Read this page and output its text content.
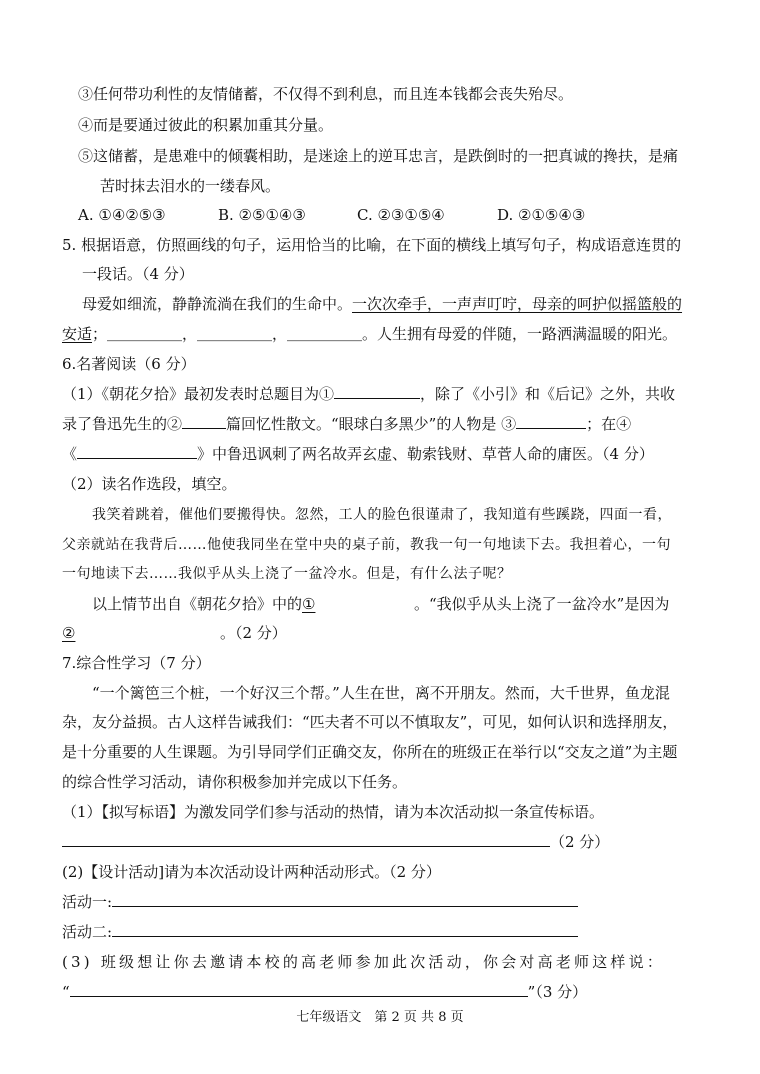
③任何带功利性的友情储蓄，不仅得不到利息，而且连本钱都会丧失殆尽。
④而是要通过彼此的积累加重其分量。
⑤这储蓄，是患难中的倾囊相助，是迷途上的逆耳忠言，是跌倒时的一把真诚的搀扶，是痛
苦时抹去泪水的一缕春风。
A. ①④②⑤③	B. ②⑤①④③	C. ②③①⑤④	D. ②①⑤④③
5. 根据语意，仿照画线的句子，运用恰当的比喻，在下面的横线上填写句子，构成语意连贯的
一段话。（4 分）
母爱如细流，静静流淌在我们的生命中。一次次牵手，一声声叮咛，母亲的呵护似摇篮般的
安适；＿＿＿＿＿，＿＿＿＿＿，＿＿＿＿＿。人生拥有母爱的伴随，一路洒满温暖的阳光。
6.名著阅读（6 分）
（1）《朝花夕拾》最初发表时总题目为①	，除了《小引》和《后记》之外，共收
录了鲁迅先生的②	篇回忆性散文。“眼球白多黑少”的人物是 ③	；在④
《	》中鲁迅讽刺了两名故弄玄虚、勒索钱财、草菅人命的庸医。（4 分）
（2）读名作选段，填空。
我笑着跳着，催他们要搬得快。忽然，工人的脸色很谨肃了，我知道有些蹊跷，四面一看，
父亲就站在我背后……他使我同坐在堂中央的桌子前，教我一句一句地读下去。我担着心，一句
一句地读下去……我似乎从头上浇了一盆冷水。但是，有什么法子呢？
以上情节出自《朝花夕拾》中的①	。“我似乎从头上浇了一盆冷水”是因为
②	。（2 分）
7.综合性学习（7 分）
“一个篱笆三个桩，一个好汉三个帮。”人生在世，离不开朋友。然而，大千世界，鱼龙混
杂，友分益损。古人这样告诫我们：“匹夫者不可以不慎取友”，可见，如何认识和选择朋友，
是十分重要的人生课题。为引导同学们正确交友，你所在的班级正在举行以“交友之道”为主题
的综合性学习活动，请你积极参加并完成以下任务。
（1）【拟写标语】为激发同学们参与活动的热情，请为本次活动拟一条宣传标语。
（2 分）
(2)【设计活动]请为本次活动设计两种活动形式。（2 分）
活动一:
活动二:
(3) 班级想让你去邀请本校的高老师参加此次活动，你会对高老师这样说：
“	”（3 分）
七年级语文　第 2 页 共 8 页
